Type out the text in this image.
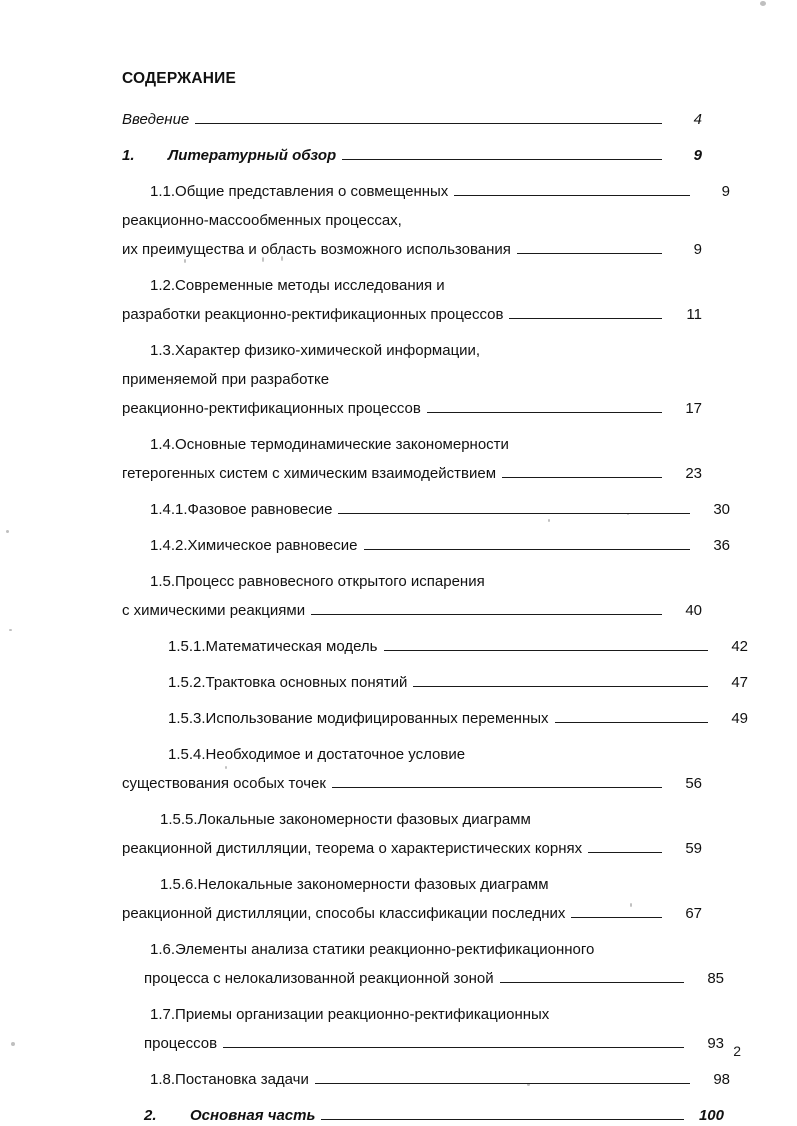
СОДЕРЖАНИЕ
Введение	4
1.	Литературный обзор	9
1.1. Общие представления о совмещенных	9
реакционно-массообменных процессах,
их преимущества и область возможного использования	9
1.2. Современные методы исследования и
разработки реакционно-ректификационных процессов	11
1.3. Характер физико-химической информации,
применяемой при разработке
реакционно-ректификационных процессов	17
1.4. Основные термодинамические закономерности
гетерогенных систем с химическим взаимодействием	23
1.4.1. Фазовое равновесие	30
1.4.2. Химическое равновесие	36
1.5. Процесс равновесного открытого испарения
с химическими реакциями	40
1.5.1. Математическая модель	42
1.5.2. Трактовка основных понятий	47
1.5.3. Использование модифицированных переменных	49
1.5.4. Необходимое и достаточное условие
существования особых точек	56
1.5.5. Локальные закономерности фазовых диаграмм
реакционной дистилляции, теорема о характеристических корнях	59
1.5.6. Нелокальные закономерности фазовых диаграмм
реакционной дистилляции, способы классификации последних	67
1.6. Элементы анализа статики реакционно-ректификационного
процесса с нелокализованной реакционной зоной	85
1.7. Приемы организации реакционно-ректификационных
процессов	93
1.8. Постановка задачи	98
2.	Основная часть	100
2
